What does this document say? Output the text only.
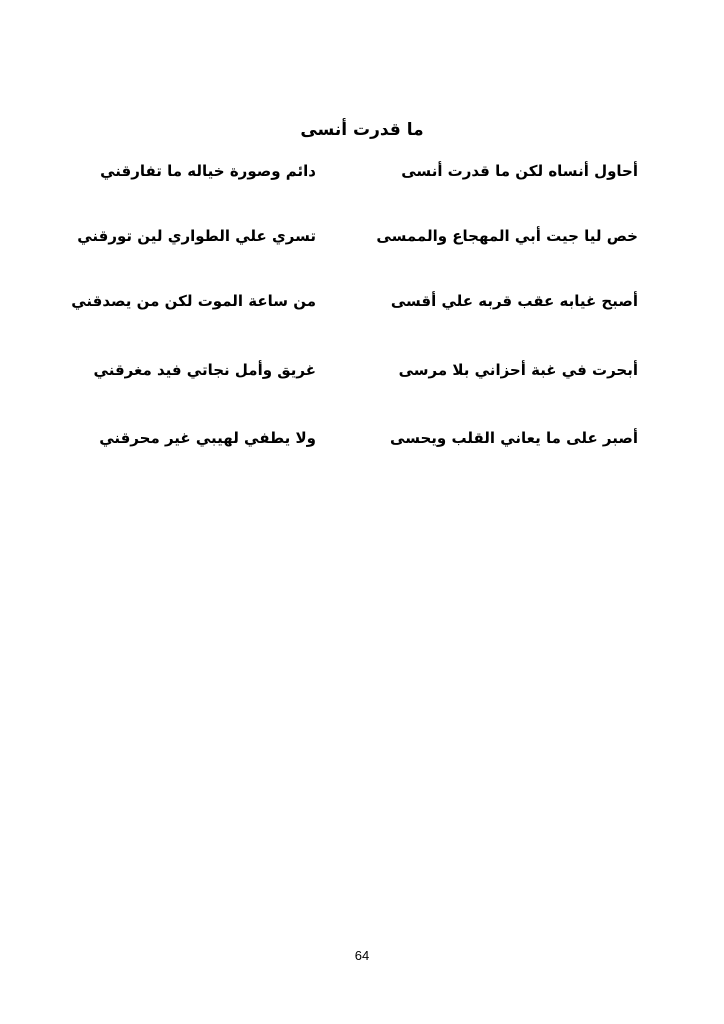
ما قدرت أنسى
أحاول أنساه لكن ما قدرت أنسى
دائم وصورة خياله ما تفارقني
خص ليا جيت أبي المهجاع والممسى
تسري علي الطواري لين تورقني
أصبح غيابه عقب قربه علي أقسى
من ساعة الموت لكن من يصدقني
أبحرت في غبة أحزاني بلا مرسى
غريق وأمل نجاتي فيد مغرقني
أصبر على ما يعاني القلب ويحسى
ولا يطفي لهيبي غير محرقني
64
